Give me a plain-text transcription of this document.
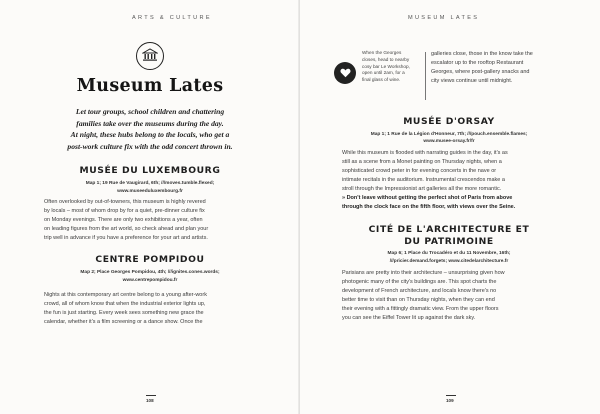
ARTS & CULTURE
Museum Lates
Let tour groups, school children and chattering
families take over the museums during the day.
At night, these hubs belong to the locals, who get a
post-work culture fix with the odd concert thrown in.
MUSÉE DU LUXEMBOURG
Map 1; 19 Rue de Vaugirard, 6th; ///moves.tumble.flexed;
www.museeduluxembourg.fr

Often overlooked by out-of-towners, this museum is highly revered

by locals – most of whom drop by for a quiet, pre-dinner culture fix

on Monday evenings. There are only two exhibitions a year, often

on leading figures from the art world, so check ahead and plan your

trip well in advance if you have a preference for your art and artists.

CENTRE POMPIDOU
Map 2; Place Georges Pompidou, 4th; ///ignites.cones.words;
www.centrepompidou.fr

Nights at this contemporary art centre belong to a young after-work

crowd, all of whom know that when the industrial exterior lights up,

the fun is just starting. Every week sees something new grace the

calendar, whether it's a film screening or a dance show. Once the

108
MUSEUM LATES
When the Georges
closes, head to nearby
cosy bar Le Workshop,
open until 2am, for a
final glass of wine.

galleries close, those in the know take the

escalator up to the rooftop Restaurant

Georges, where post-gallery snacks and

city views continue until midnight.

MUSÉE D'ORSAY
Map 1; 1 Rue de la Légion d'Honneur, 7th; ///pouch.ensemble.flames;
www.musee-orsay.fr/fr

While this museum is flooded with narrating guides in the day, it's as

still as a scene from a Monet painting on Thursday nights, when a

sophisticated crowd peter in for evening concerts in the nave or

intimate recitals in the auditorium. Instrumental crescendos make a

stroll through the Impressionist art galleries all the more romantic.

» Don't leave without getting the perfect shot of Paris from above

through the clock face on the fifth floor, with views over the Seine.

CITÉ DE L'ARCHITECTURE ET
DU PATRIMOINE
Map 6; 1 Place du Trocadéro et du 11 Novembre, 16th;
///pricier.demand.forgets; www.citedelarchitecture.fr

Parisians are pretty into their architecture – unsurprising given how

photogenic many of the city's buildings are. This spot charts the

development of French architecture, and locals know there's no

better time to visit than on Thursday nights, when they can end

their evening with a fittingly dramatic view. From the upper floors

you can see the Eiffel Tower lit up against the dark sky.

109
